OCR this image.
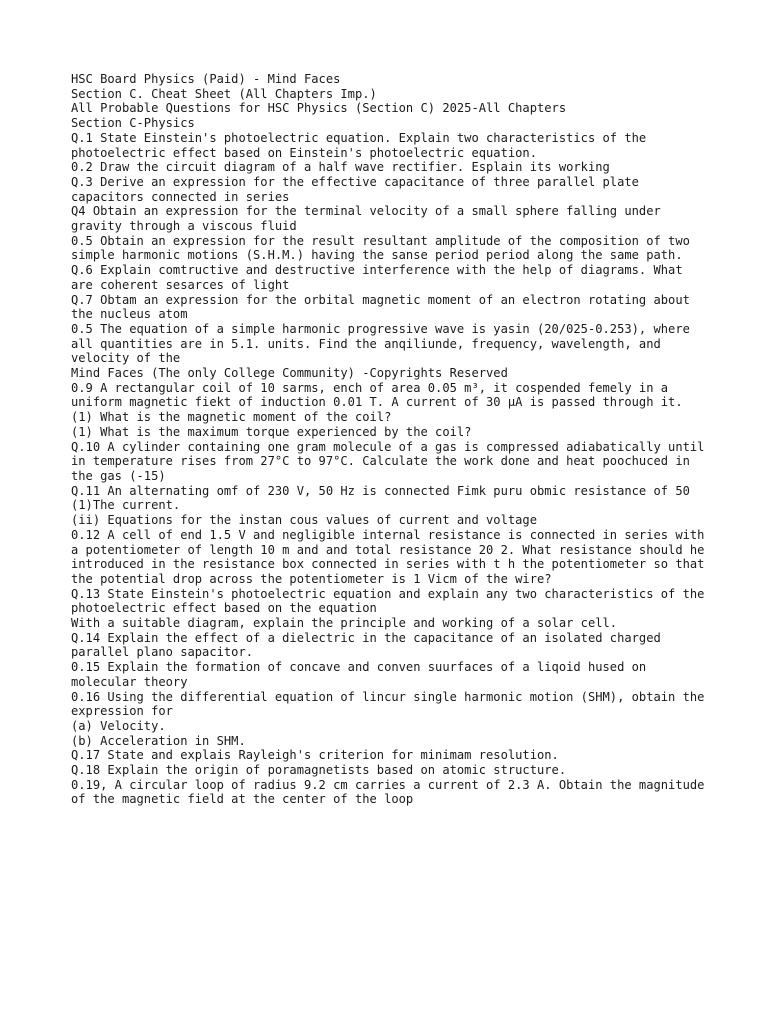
HSC Board Physics (Paid) - Mind Faces
Section C. Cheat Sheet (All Chapters Imp.)
All Probable Questions for HSC Physics (Section C) 2025-All Chapters
Section C-Physics
Q.1 State Einstein's photoelectric equation. Explain two characteristics of the photoelectric effect based on Einstein's photoelectric equation.
0.2 Draw the circuit diagram of a half wave rectifier. Esplain its working
Q.3 Derive an expression for the effective capacitance of three parallel plate capacitors connected in series
Q4 Obtain an expression for the terminal velocity of a small sphere falling under gravity through a viscous fluid
0.5 Obtain an expression for the result resultant amplitude of the composition of two simple harmonic motions (S.H.M.) having the sanse period period along the same path.
Q.6 Explain comtructive and destructive interference with the help of diagrams. What are coherent sesarces of light
Q.7 Obtam an expression for the orbital magnetic moment of an electron rotating about the nucleus atom
0.5 The equation of a simple harmonic progressive wave is yasin (20/025-0.253), where all quantities are in 5.1. units. Find the anqiliunde, frequency, wavelength, and velocity of the
Mind Faces (The only College Community) -Copyrights Reserved
0.9 A rectangular coil of 10 sarms, ench of area 0.05 m³, it cospended femely in a uniform magnetic fiekt of induction 0.01 T. A current of 30 μA is passed through it.
(1) What is the magnetic moment of the coil?
(1) What is the maximum torque experienced by the coil?
Q.10 A cylinder containing one gram molecule of a gas is compressed adiabatically until in temperature rises from 27°C to 97°C. Calculate the work done and heat poochuced in the gas (-15)
Q.11 An alternating omf of 230 V, 50 Hz is connected Fimk puru obmic resistance of 50
(1)The current.
(ii) Equations for the instan cous values of current and voltage
0.12 A cell of end 1.5 V and negligible internal resistance is connected in series with a potentiometer of length 10 m and and total resistance 20 2. What resistance should he introduced in the resistance box connected in series with t h the potentiometer so that the potential drop across the potentiometer is 1 Vicm of the wire?
Q.13 State Einstein's photoelectric equation and explain any two characteristics of the photoelectric effect based on the equation
With a suitable diagram, explain the principle and working of a solar cell.
Q.14 Explain the effect of a dielectric in the capacitance of an isolated charged parallel plano sapacitor.
0.15 Explain the formation of concave and conven suurfaces of a liqoid hused on molecular theory
0.16 Using the differential equation of lincur single harmonic motion (SHM), obtain the expression for
(a) Velocity.
(b) Acceleration in SHM.
Q.17 State and explais Rayleigh's criterion for minimam resolution.
Q.18 Explain the origin of poramagnetists based on atomic structure.
0.19, A circular loop of radius 9.2 cm carries a current of 2.3 A. Obtain the magnitude of the magnetic field at the center of the loop
